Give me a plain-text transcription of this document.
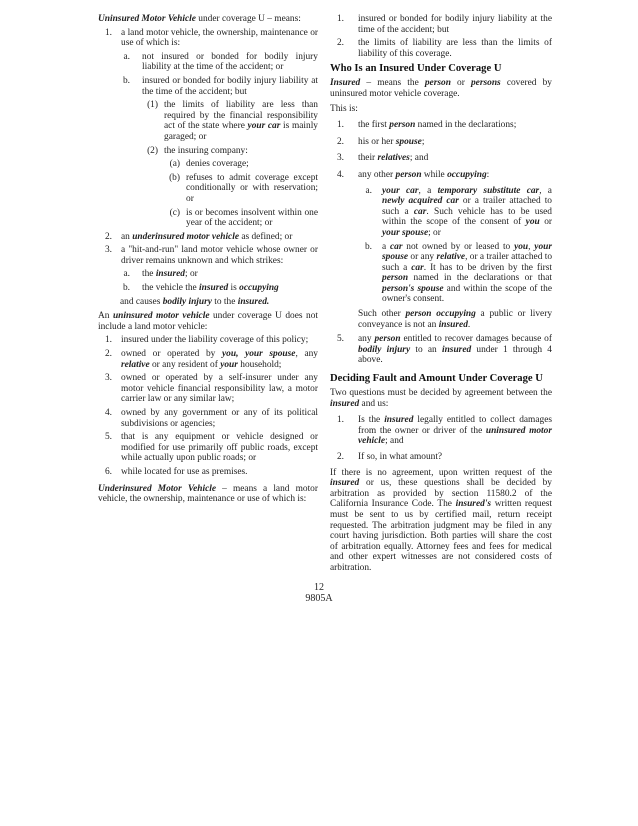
Uninsured Motor Vehicle under coverage U – means:

1. a land motor vehicle, the ownership, maintenance or use of which is:
a. not insured or bonded for bodily injury liability at the time of the accident; or
b. insured or bonded for bodily injury liability at the time of the accident; but
(1) the limits of liability are less than required by the financial responsibility act of the state where your car is mainly garaged; or
(2) the insuring company:
(a) denies coverage;
(b) refuses to admit coverage except conditionally or with reservation; or
(c) is or becomes insolvent within one year of the accident; or
2. an underinsured motor vehicle as defined; or
3. a "hit-and-run" land motor vehicle whose owner or driver remains unknown and which strikes:
a. the insured; or
b. the vehicle the insured is occupying

and causes bodily injury to the insured.

An uninsured motor vehicle under coverage U does not include a land motor vehicle:

1. insured under the liability coverage of this policy;
2. owned or operated by you, your spouse, any relative or any resident of your household;
3. owned or operated by a self-insurer under any motor vehicle financial responsibility law, a motor carrier law or any similar law;
4. owned by any government or any of its political subdivisions or agencies;
5. that is any equipment or vehicle designed or modified for use primarily off public roads, except while actually upon public roads; or
6. while located for use as premises.

Underinsured Motor Vehicle – means a land motor vehicle, the ownership, maintenance or use of which is:

1. insured or bonded for bodily injury liability at the time of the accident; but
2. the limits of liability are less than the limits of liability of this coverage.
Who Is an Insured Under Coverage U

Insured – means the person or persons covered by uninsured motor vehicle coverage.

This is:

1. the first person named in the declarations;
2. his or her spouse;
3. their relatives; and
4. any other person while occupying:
a. your car, a temporary substitute car, a newly acquired car or a trailer attached to such a car. Such vehicle has to be used within the scope of the consent of you or your spouse; or
b. a car not owned by or leased to you, your spouse or any relative, or a trailer attached to such a car. It has to be driven by the first person named in the declarations or that person's spouse and within the scope of the owner's consent.

Such other person occupying a public or livery conveyance is not an insured.

5. any person entitled to recover damages because of bodily injury to an insured under 1 through 4 above.
Deciding Fault and Amount Under Coverage U

Two questions must be decided by agreement between the insured and us:

1. Is the insured legally entitled to collect damages from the owner or driver of the uninsured motor vehicle; and
2. If so, in what amount?

If there is no agreement, upon written request of the insured or us, these questions shall be decided by arbitration as provided by section 11580.2 of the California Insurance Code. The insured's written request must be sent to us by certified mail, return receipt requested. The arbitration judgment may be filed in any court having jurisdiction. Both parties will share the cost of arbitration equally. Attorney fees and fees for medical and other expert witnesses are not considered costs of arbitration.

12
9805A
